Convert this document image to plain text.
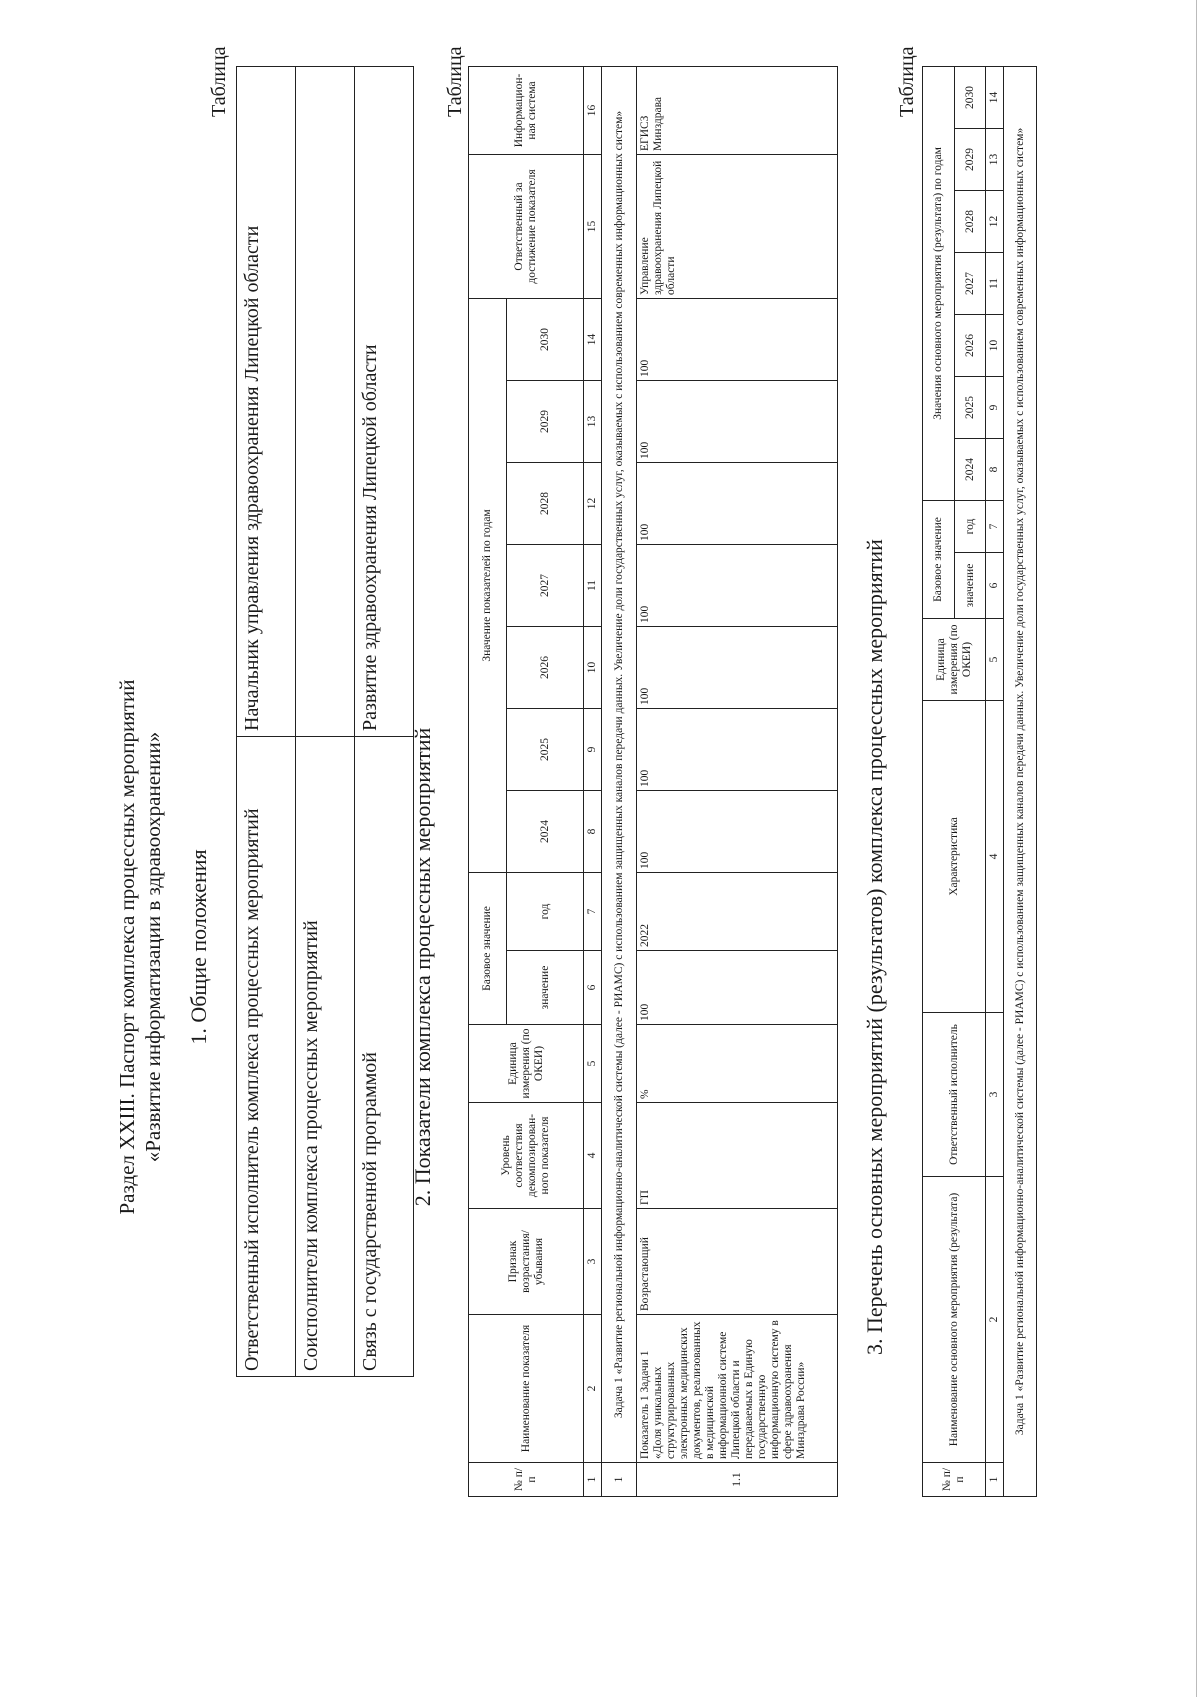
Раздел XXIII. Паспорт комплекса процессных мероприятий «Развитие информатизации в здравоохранении» 1. Общие положения
Таблица
Ответственный исполнитель комплекса процессных мероприятий	Начальник управления здравоохранения Липецкой области
Соисполнители комплекса процессных мероприятий	
Связь с государственной программой	Развитие здравоохранения Липецкой области
2. Показатели комплекса процессных мероприятий
Таблица
№ п/п	Наименование показателя	Признак возрастания/ убывания	Уровень соответствия декомпозирован-ного показателя	Единица измерения (по ОКЕИ)	Базовое значение		Значение показателей по годам							Ответственный за достижение показателя	Информацион-ная система
					значение	год	2024	2025	2026	2027	2028	2029	2030		
1	2	3	4	5	6	7	8	9	10	11	12	13	14	15	16
1	Задача 1 «Развитие региональной информационно-аналитической системы (далее - РИАМС) с использованием защищенных каналов передачи данных. Увеличение доли государственных услуг, оказываемых с использованием современных информационных систем»														
1.1	Показатель 1 Задачи 1 «Доля уникальных структурированных электронных медицинских документов, реализованных в медицинской информационной системе Липецкой области и передаваемых в Единую государственную информационную систему в сфере здравоохранения Минздрава России»	Возрастающий	ГП	%	100	2022	100	100	100	100	100	100	100	Управление здравоохранения Липецкой области	ЕГИСЗ Минздрава
3. Перечень основных мероприятий (результатов) комплекса процессных мероприятий
Таблица
№ п/п	Наименование основного мероприятия (результата)	Ответственный исполнитель	Характеристика	Единица измерения (по ОКЕИ)	Базовое значение		Значения основного мероприятия (результата) по годам						
					значение	год	2024	2025	2026	2027	2028	2029	2030
1	2	3	4	5	6	7	8	9	10	11	12	13	14
Задача 1 «Развитие региональной информационно-аналитической системы (далее - РИАМС) с использованием защищенных каналов передачи данных. Увеличение доли государственных услуг, оказываемых с использованием современных информационных систем»													
